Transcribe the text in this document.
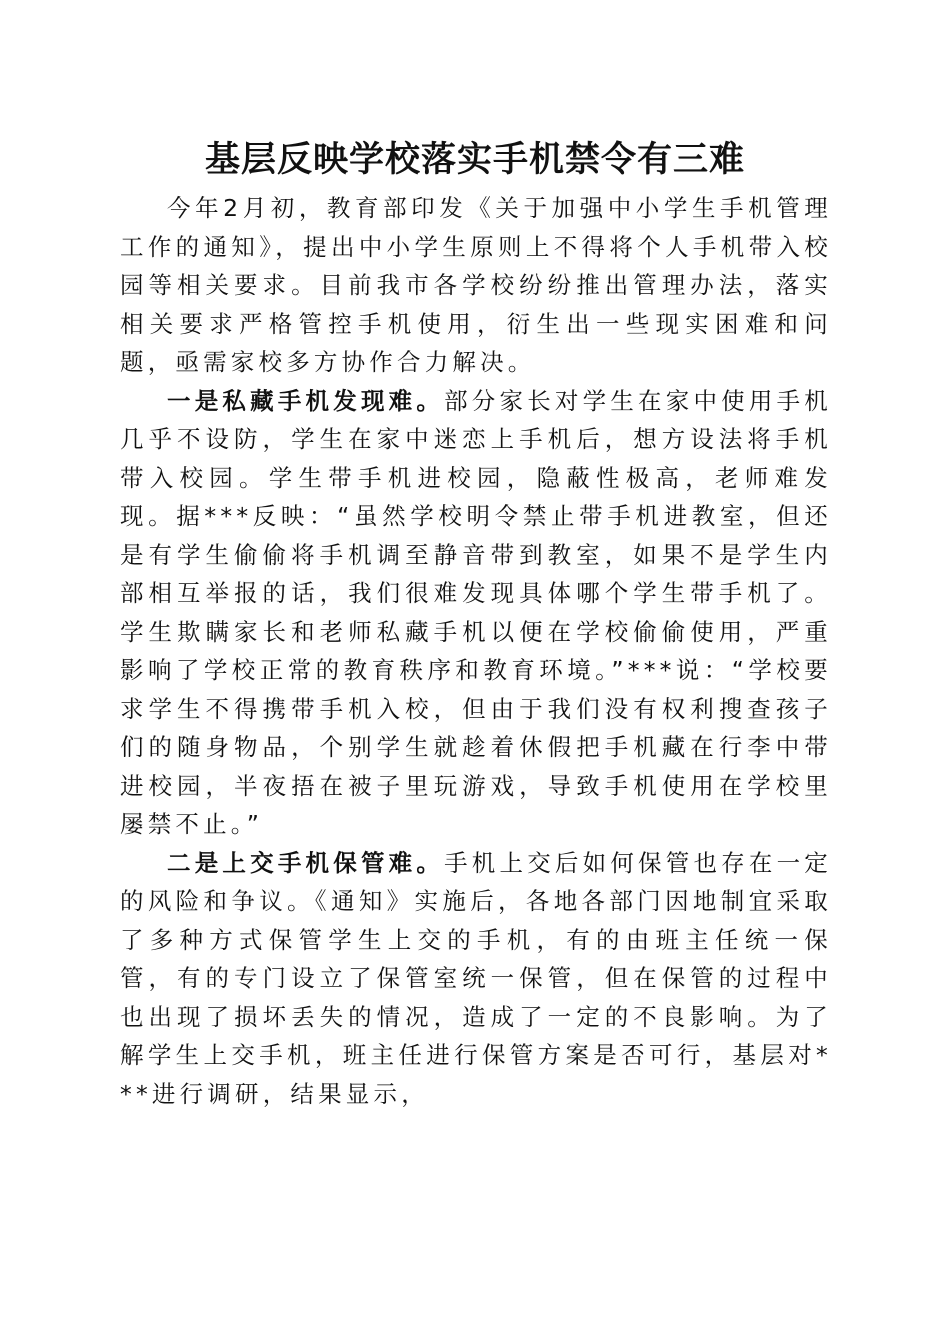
基层反映学校落实手机禁令有三难

今年2月初，教育部印发《关于加强中小学生手机管理工作的通知》，提出中小学生原则上不得将个人手机带入校园等相关要求。目前我市各学校纷纷推出管理办法，落实相关要求严格管控手机使用，衍生出一些现实困难和问题，亟需家校多方协作合力解决。

一是私藏手机发现难。部分家长对学生在家中使用手机几乎不设防，学生在家中迷恋上手机后，想方设法将手机带入校园。学生带手机进校园，隐蔽性极高，老师难发现。据***反映：“虽然学校明令禁止带手机进教室，但还是有学生偷偷将手机调至静音带到教室，如果不是学生内部相互举报的话，我们很难发现具体哪个学生带手机了。学生欺瞒家长和老师私藏手机以便在学校偷偷使用，严重影响了学校正常的教育秩序和教育环境。”***说：“学校要求学生不得携带手机入校，但由于我们没有权利搜查孩子们的随身物品，个别学生就趁着休假把手机藏在行李中带进校园，半夜捂在被子里玩游戏，导致手机使用在学校里屡禁不止。”

二是上交手机保管难。手机上交后如何保管也存在一定的风险和争议。《通知》实施后，各地各部门因地制宜采取了多种方式保管学生上交的手机，有的由班主任统一保管，有的专门设立了保管室统一保管，但在保管的过程中也出现了损坏丢失的情况，造成了一定的不良影响。为了解学生上交手机，班主任进行保管方案是否可行，基层对***进行调研，结果显示，
